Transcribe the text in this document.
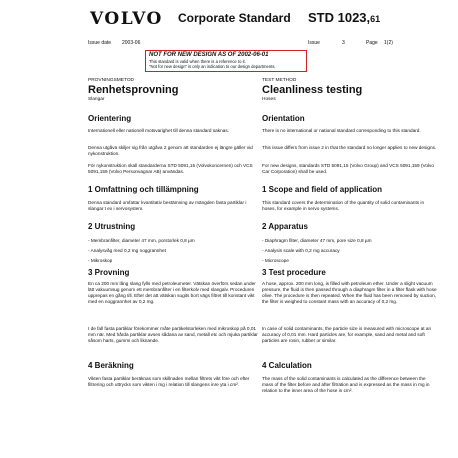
VOLVO Corporate Standard STD 1023,61
Issue date 2003-06	Issue	3	Page 1(2)
NOT FOR NEW DESIGN AS OF 2002-06-01
This standard is valid when there is a reference to it.
"Not for new design" is only an indication to our design departments.
PROVNINGSMETOD
Renhetsprovning
Slangar
Orientering
Internationell eller nationell motsvarighet till denna standard saknas.
Denna utgåva skiljer sig från utgåva 2 genom att standarden ej längre gäller vid nykonstruktion.
För nykonstruktion skall standarderna STD 5091,15 (Volvokoncernen) och VCS 5091,159 (Volvo Personvagnar AB) användas.
1 Omfattning och tillämpning
Denna standard omfattar kvantitativ bestämning av mängden fasta partiklar i slangar t ex i servosystem.
2 Utrustning
- Membranfilter, diameter 47 mm, porstorlek 0,8 µm
- Analysvåg med 0,2 mg noggrannhet
- Mikroskop
3 Provning
En ca 200 mm lång slang fylls med petroleumeter. Vätskan överförs sedan under lätt vakuumsug genom ett membranfilter i en filterkolv med slangalv. Proceduren upprepas en gång till. Efter det att vätskan sugits bort vägs filtret till konstant vikt med en noggrannhet av 0,2 mg.
I de fall fasta partiklar förekommer måte partikelstorleken med mikroskop på 0,01 mm när. Med hårda partiklar avses sådana av sand, metall etc och mjuka partiklar såsom harts, gummi och liknande.
4 Beräkning
Vikten fasta partiklar beräknas som skillnaden mellan filtrets vikt före och efter filtrering och uttrycks som vikten i mg i relation till slangens inre yta i cm².
TEST METHOD
Cleanliness testing
Hoses
Orientation
There is no international or national standard corresponding to this standard.
This issue differs from issue 2 in that the standard no longer applies to new designs.
For new designs, standards STD 5091,15 (Volvo Group) and VCS 5091,159 (Volvo Car Corporation) shall be used.
1 Scope and field of application
This standard covers the determination of the quantity of solid contaminants in hoses, for example in servo systems.
2 Apparatus
- Diaphragm filter, diameter 47 mm, pore size 0,8 µm
- Analysis scale with 0,2 mg accuracy
- Microscope
3 Test procedure
A hose, approx. 200 mm long, is filled with petroleum ether. Under a slight vacuum pressure, the fluid is then passed through a diaphragm filter in a filter flask with hose olive. The procedure is then repeated. When the fluid has been removed by suction, the filter is weighed to constant mass with an accuracy of 0,2 mg.
In case of solid contaminants, the particle size is measured with microscope at an accuracy of 0,01 mm. Hard particles are, for example, sand and metal and soft particles are rosin, rubber or similar.
4 Calculation
The mass of the solid contaminants is calculated as the difference between the mass of the filter before and after filtration and is expressed as the mass in mg in relation to the inner area of the hose in cm².
